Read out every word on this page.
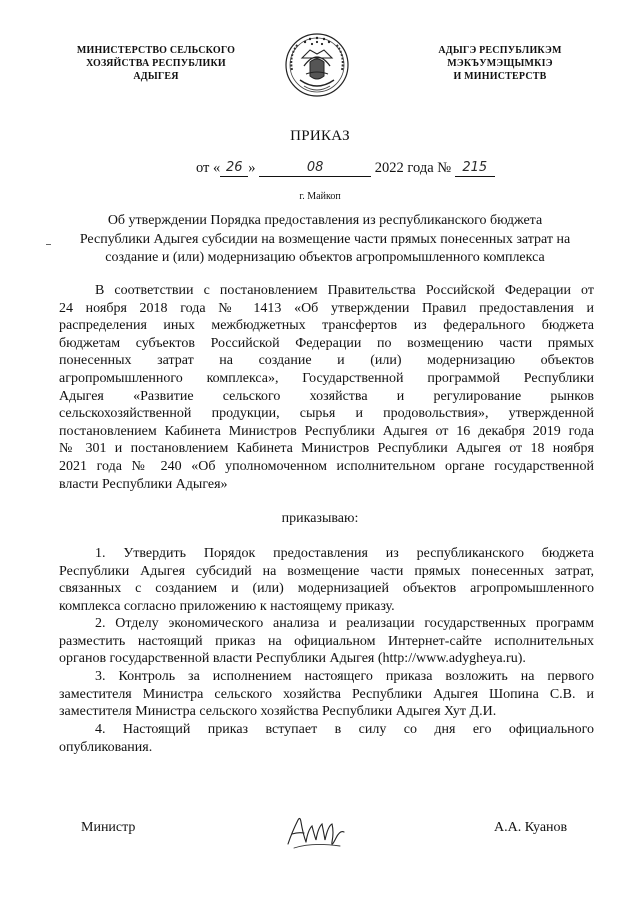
МИНИСТЕРСТВО СЕЛЬСКОГО
ХОЗЯЙСТВА РЕСПУБЛИКИ
АДЫГЕЯ
АДЫГЭ РЕСПУБЛИКЭМ
МЭКЪУМЭЩЫМКІЭ
И МИНИСТЕРСТВ
ПРИКАЗ
от « 26 »	08	2022 года № 215
г. Майкоп
Об утверждении Порядка предоставления из республиканского бюджета
Республики Адыгея субсидии на возмещение части прямых понесенных затрат на
создание и (или) модернизацию объектов агропромышленного комплекса
В соответствии с постановлением Правительства Российской Федерации от
24 ноября 2018 года № 1413 «Об утверждении Правил предоставления и
распределения иных межбюджетных трансфертов из федерального бюджета
бюджетам субъектов Российской Федерации по возмещению части прямых
понесенных затрат на создание и (или) модернизацию объектов
агропромышленного комплекса», Государственной программой Республики
Адыгея «Развитие сельского хозяйства и регулирование рынков
сельскохозяйственной продукции, сырья и продовольствия», утвержденной
постановлением Кабинета Министров Республики Адыгея от 16 декабря 2019 года
№ 301 и постановлением Кабинета Министров Республики Адыгея от 18 ноября
2021 года № 240 «Об уполномоченном исполнительном органе государственной
власти Республики Адыгея»
приказываю:
1. Утвердить Порядок предоставления из республиканского бюджета
Республики Адыгея субсидий на возмещение части прямых понесенных затрат,
связанных с созданием и (или) модернизацией объектов агропромышленного
комплекса согласно приложению к настоящему приказу.
2. Отделу экономического анализа и реализации государственных программ
разместить настоящий приказ на официальном Интернет-сайте исполнительных
органов государственной власти Республики Адыгея (http://www.adygheya.ru).
3. Контроль за исполнением настоящего приказа возложить на первого
заместителя Министра сельского хозяйства Республики Адыгея Шопина С.В. и
заместителя Министра сельского хозяйства Республики Адыгея Хут Д.И.
4. Настоящий приказ вступает в силу со дня его официального
опубликования.
Министр	А.А. Куанов
